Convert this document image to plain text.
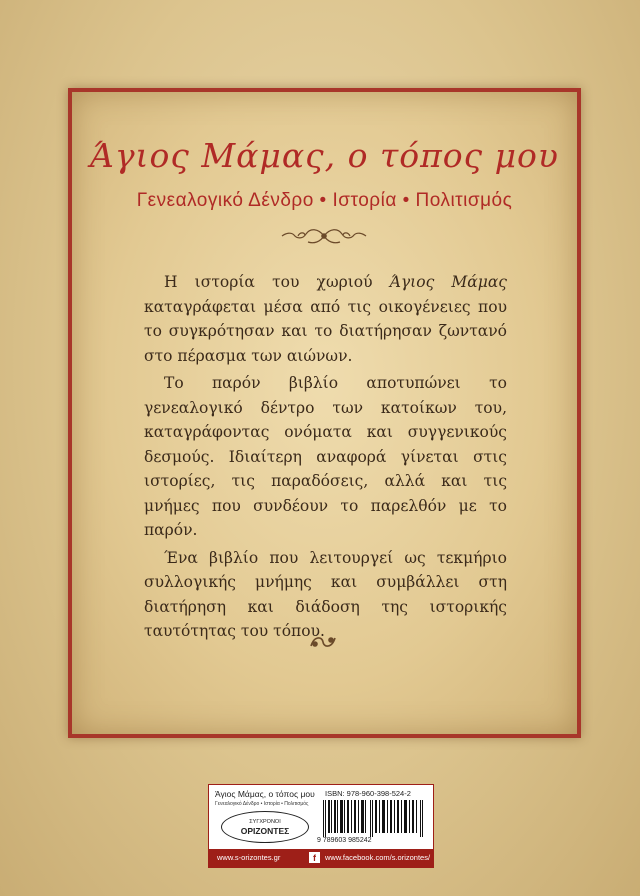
Άγιος Μάμας, ο τόπος μου
Γενεαλογικό Δένδρο • Ιστορία • Πολιτισμός

Η ιστορία του χωριού Άγιος Μάμας καταγράφεται μέσα από τις οικογένειες που το συγκρότησαν και το διατήρησαν ζωντανό στο πέρασμα των αιώνων.

Το παρόν βιβλίο αποτυπώνει το γενεαλογικό δέντρο των κατοίκων του, καταγράφοντας ονόματα και συγγενικούς δεσμούς. Ιδιαίτερη αναφορά γίνεται στις ιστορίες, τις παραδόσεις, αλλά και τις μνήμες που συνδέουν το παρελθόν με το παρόν.

Ένα βιβλίο που λειτουργεί ως τεκμήριο συλλογικής μνήμης και συμβάλλει στη διατήρηση και διάδοση της ιστορικής ταυτότητας του τόπου.

Άγιος Μάμας, ο τόπος μου
Γενεαλογικό Δένδρο • Ιστορία • Πολιτισμός
ISBN: 978-960-398-524-2
ΣΥΓΧΡΟΝΟΙ
ΟΡΙΖΟΝΤΕΣ
9 789603 985242
www.s-orizontes.gr	f	www.facebook.com/s.orizontes/
